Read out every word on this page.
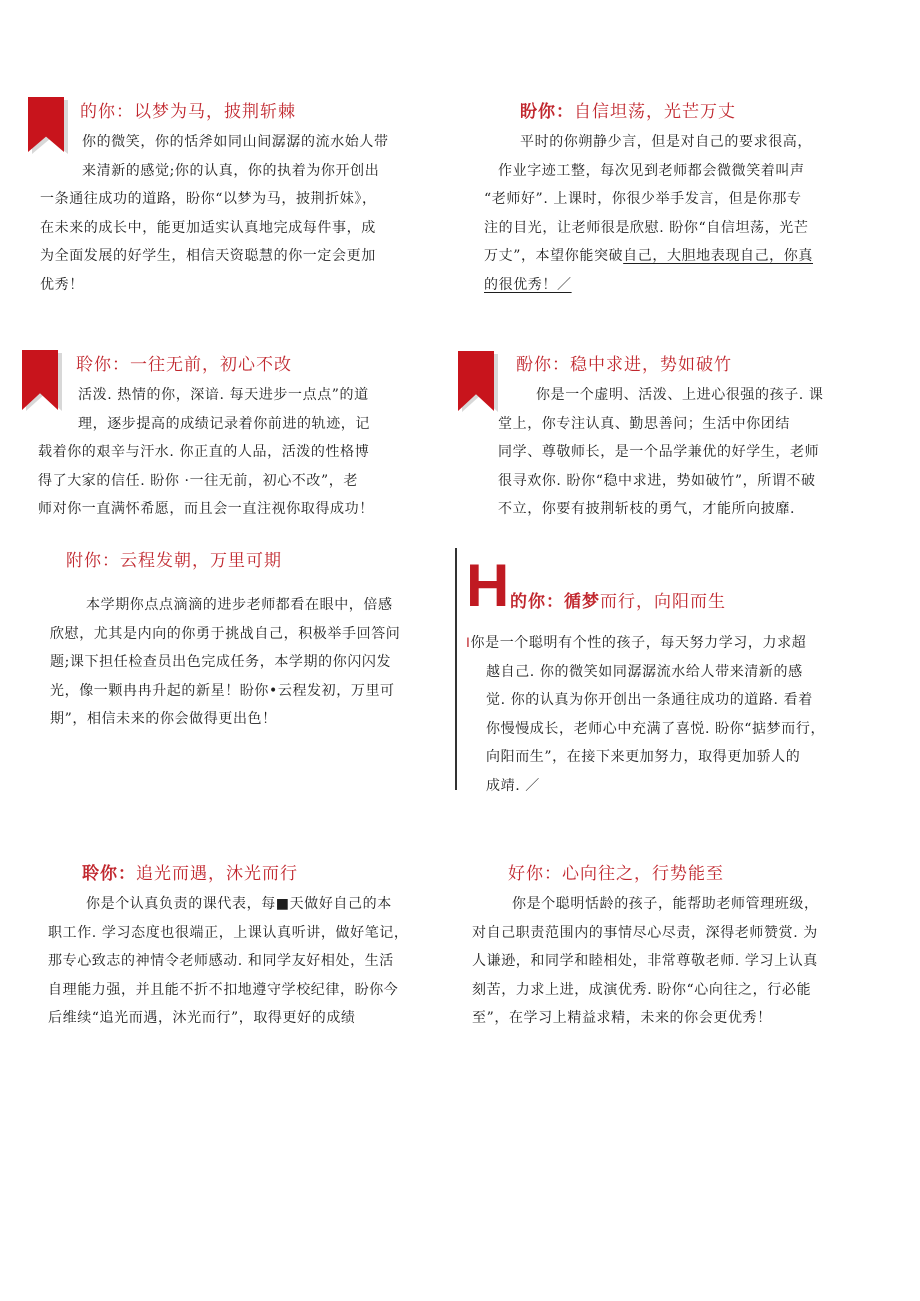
的你：以梦为马，披荆斩棘
你的微笑，你的恬斧如同山间潺潺的流水始人带
来清新的感觉;你的认真，你的执着为你开创出
一条通往成功的道路，盼你“以梦为马，披荆折妹》，
在未来的成长中，能更加适实认真地完成每件事，成
为全面发展的好学生，相信天资聪慧的你一定会更加
优秀！
盼你：自信坦荡，光芒万丈
平时的你朔静少言，但是对自己的要求很高，
作业字迹工整，每次见到老师都会微微笑着叫声
“老师好”. 上课时，你很少举手发言，但是你那专
注的目光，让老师很是欣慰. 盼你“自信坦荡，光芒
万丈”，本望你能突破自己，大胆地表现自己，你真
的很优秀！／
聆你：一往无前，初心不改
活泼. 热情的你，深谙. 每天进步一点点”的道
理，逐步提高的成绩记录着你前进的轨迹，记
载着你的艰辛与汗水. 你正直的人品，活泼的性格博
得了大家的信任. 盼你 ·一往无前，初心不改”，老
师对你一直满怀希愿，而且会一直注视你取得成功！
酚你：稳中求进，势如破竹
你是一个虚明、活泼、上进心很强的孩子. 课
堂上，你专注认真、勤思善问；生活中你团结
同学、尊敬师长，是一个品学兼优的好学生，老师
很寻欢你. 盼你“稳中求进，势如破竹”，所谓不破
不立，你要有披荆斩枝的勇气，才能所向披靡.
附你：云程发朝，万里可期
本学期你点点滴滴的进步老师都看在眼中，倍感
欣慰，尤其是内向的你勇于挑战自己，积极举手回答问
题;课下担任检查员出色完成任务，本学期的你闪闪发
光，像一颗冉冉升起的新星！盼你•云程发初，万里可
期”，相信未来的你会做得更出色！
H 的你：循梦而行，向阳而生
I你是一个聪明有个性的孩子，每天努力学习，力求超
越自己. 你的微笑如同潺潺流水给人带来清新的感
觉. 你的认真为你开创出一条通往成功的道路. 看着
你慢慢成长，老师心中充满了喜悦. 盼你“掂梦而行，
向阳而生”，在接下来更加努力，取得更加骄人的
成靖. ／
聆你：追光而遇，沐光而行
你是个认真负责的课代表，每■天做好自己的本
职工作. 学习态度也很端正，上课认真听讲，做好笔记，
那专心致志的神情令老师感动. 和同学友好相处，生活
自理能力强，并且能不折不扣地遵守学校纪律，盼你今
后维续“追光而遇，沐光而行”，取得更好的成绩
好你：心向往之，行势能至
你是个聪明恬龄的孩子，能帮助老师管理班级，
对自己职责范围内的事情尽心尽责，深得老师赞赏. 为
人谦逊，和同学和睦相处，非常尊敬老师. 学习上认真
刻苦，力求上进，成演优秀. 盼你“心向往之，行必能
至”，在学习上精益求精，未来的你会更优秀！
